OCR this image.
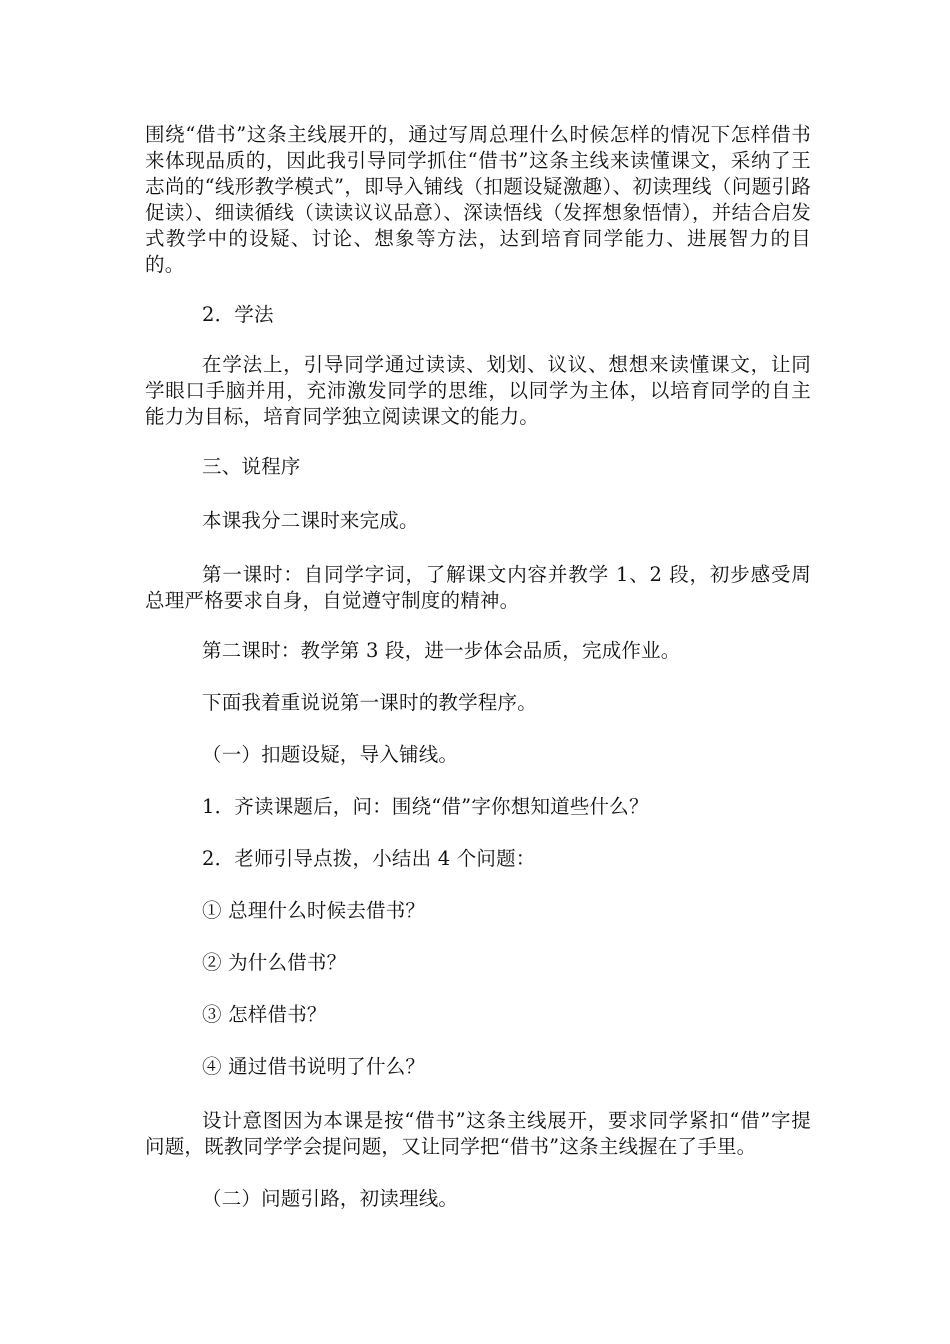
围绕“借书”这条主线展开的，通过写周总理什么时候怎样的情况下怎样借书来体现品质的，因此我引导同学抓住“借书”这条主线来读懂课文，采纳了王志尚的“线形教学模式”，即导入铺线（扣题设疑激趣）、初读理线（问题引路促读）、细读循线（读读议议品意）、深读悟线（发挥想象悟情），并结合启发式教学中的设疑、讨论、想象等方法，达到培育同学能力、进展智力的目的。

2．学法

在学法上，引导同学通过读读、划划、议议、想想来读懂课文，让同学眼口手脑并用，充沛激发同学的思维，以同学为主体，以培育同学的自主能力为目标，培育同学独立阅读课文的能力。

三、说程序

本课我分二课时来完成。

第一课时：自同学字词，了解课文内容并教学 1、2 段，初步感受周总理严格要求自身，自觉遵守制度的精神。

第二课时：教学第 3 段，进一步体会品质，完成作业。

下面我着重说说第一课时的教学程序。

（一）扣题设疑，导入铺线。

1．齐读课题后，问：围绕“借”字你想知道些什么？

2．老师引导点拨，小结出 4 个问题：

① 总理什么时候去借书？

② 为什么借书？

③ 怎样借书？

④ 通过借书说明了什么？

设计意图因为本课是按“借书”这条主线展开，要求同学紧扣“借”字提问题，既教同学学会提问题，又让同学把“借书”这条主线握在了手里。

（二）问题引路，初读理线。
